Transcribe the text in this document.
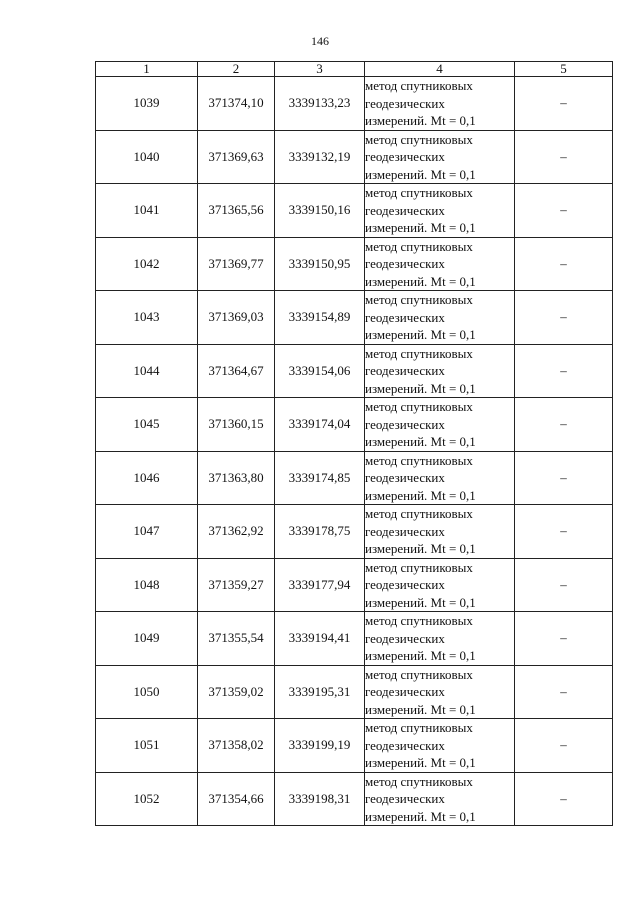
146
1	2	3	4	5
1039	371374,10	3339133,23	метод спутниковых
геодезических
измерений. Mt = 0,1	–
1040	371369,63	3339132,19	метод спутниковых
геодезических
измерений. Mt = 0,1	–
1041	371365,56	3339150,16	метод спутниковых
геодезических
измерений. Mt = 0,1	–
1042	371369,77	3339150,95	метод спутниковых
геодезических
измерений. Mt = 0,1	–
1043	371369,03	3339154,89	метод спутниковых
геодезических
измерений. Mt = 0,1	–
1044	371364,67	3339154,06	метод спутниковых
геодезических
измерений. Mt = 0,1	–
1045	371360,15	3339174,04	метод спутниковых
геодезических
измерений. Mt = 0,1	–
1046	371363,80	3339174,85	метод спутниковых
геодезических
измерений. Mt = 0,1	–
1047	371362,92	3339178,75	метод спутниковых
геодезических
измерений. Mt = 0,1	–
1048	371359,27	3339177,94	метод спутниковых
геодезических
измерений. Mt = 0,1	–
1049	371355,54	3339194,41	метод спутниковых
геодезических
измерений. Mt = 0,1	–
1050	371359,02	3339195,31	метод спутниковых
геодезических
измерений. Mt = 0,1	–
1051	371358,02	3339199,19	метод спутниковых
геодезических
измерений. Mt = 0,1	–
1052	371354,66	3339198,31	метод спутниковых
геодезических
измерений. Mt = 0,1	–
